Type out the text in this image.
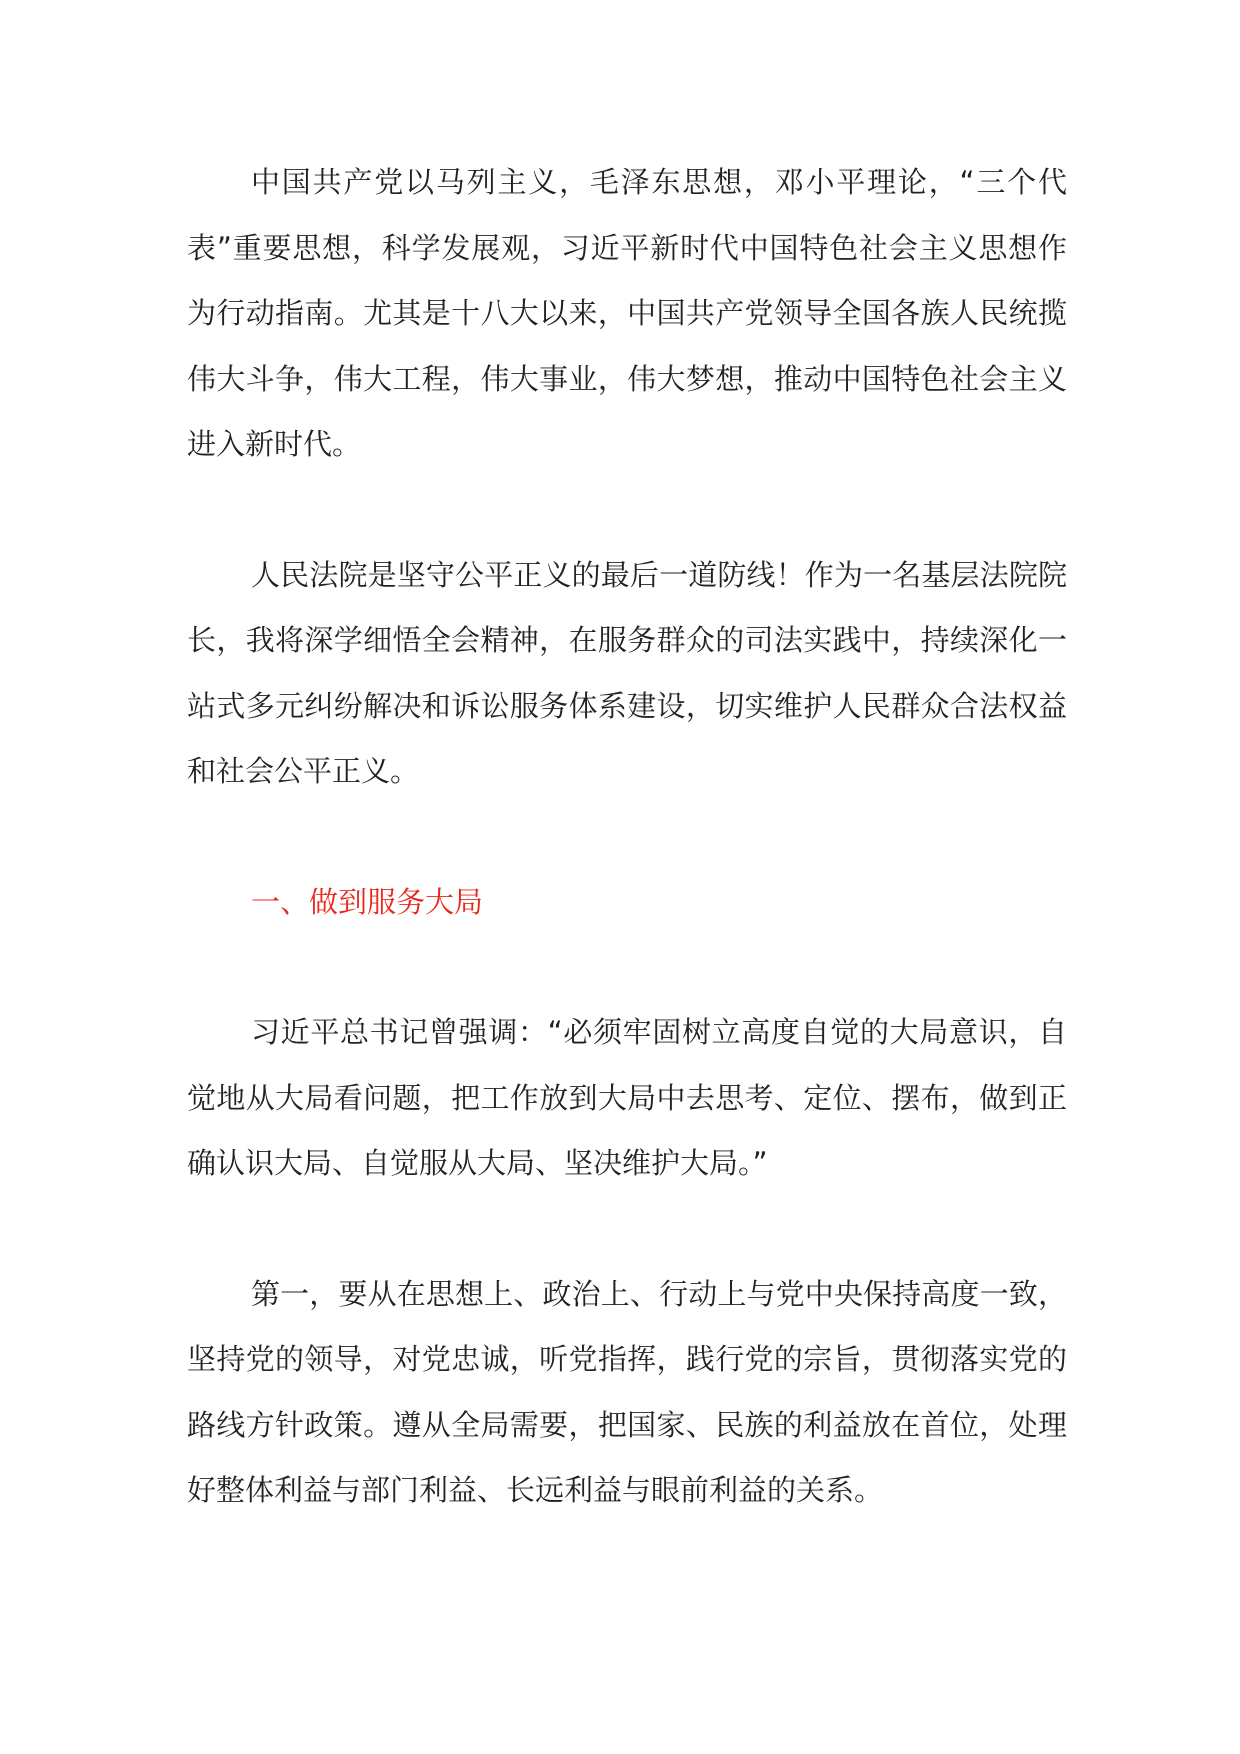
中国共产党以马列主义，毛泽东思想，邓小平理论，“三个代表”重要思想，科学发展观，习近平新时代中国特色社会主义思想作为行动指南。尤其是十八大以来，中国共产党领导全国各族人民统揽伟大斗争，伟大工程，伟大事业，伟大梦想，推动中国特色社会主义进入新时代。

人民法院是坚守公平正义的最后一道防线！作为一名基层法院院长，我将深学细悟全会精神，在服务群众的司法实践中，持续深化一站式多元纠纷解决和诉讼服务体系建设，切实维护人民群众合法权益和社会公平正义。

一、做到服务大局

习近平总书记曾强调：“必须牢固树立高度自觉的大局意识，自觉地从大局看问题，把工作放到大局中去思考、定位、摆布，做到正确认识大局、自觉服从大局、坚决维护大局。”

第一，要从在思想上、政治上、行动上与党中央保持高度一致，坚持党的领导，对党忠诚，听党指挥，践行党的宗旨，贯彻落实党的路线方针政策。遵从全局需要，把国家、民族的利益放在首位，处理好整体利益与部门利益、长远利益与眼前利益的关系。
